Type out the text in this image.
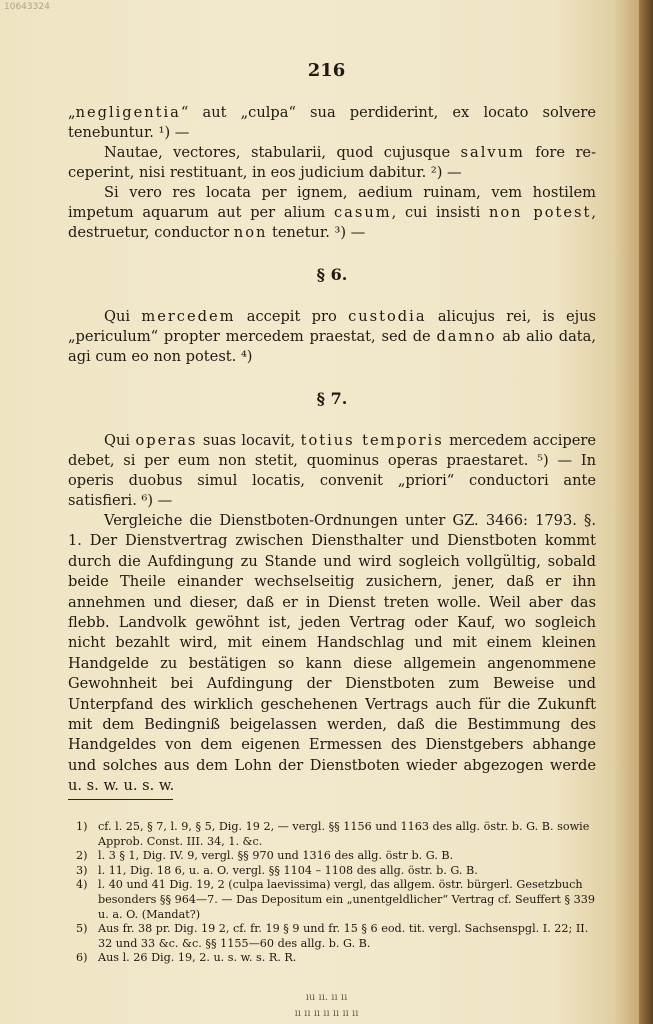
10643324
216

„negligentia“ aut „culpa“ sua perdiderint, ex locato solvere tenebuntur. ¹) —

Nautae, vectores, stabularii, quod cujusque salvum fore receperint, nisi restituant, in eos judicium dabitur. ²) —

Si vero res locata per ignem, aedium ruinam, vem hostilem impetum aquarum aut per alium casum, cui insisti non potest, destruetur, conductor non tenetur. ³) —

§ 6.

Qui mercedem accepit pro custodia alicujus rei, is ejus „periculum“ propter mercedem praestat, sed de damno ab alio data, agi cum eo non potest. ⁴)

§ 7.

Qui operas suas locavit, totius temporis mercedem accipere debet, si per eum non stetit, quominus operas praestaret. ⁵) — In operis duobus simul locatis, convenit „priori“ conductori ante satisfieri. ⁶) —

Vergleiche die Dienstboten-Ordnungen unter GZ. 3466: 1793. §. 1. Der Dienstvertrag zwischen Diensthalter und Dienstboten kommt durch die Aufdingung zu Stande und wird sogleich vollgültig, sobald beide Theile einander wechselseitig zusichern, jener, daß er ihn annehmen und dieser, daß er in Dienst treten wolle. Weil aber das flebb. Landvolk gewöhnt ist, jeden Vertrag oder Kauf, wo sogleich nicht bezahlt wird, mit einem Handschlag und mit einem kleinen Handgelde zu bestätigen so kann diese allgemein angenommene Gewohnheit bei Aufdingung der Dienstboten zum Beweise und Unterpfand des wirklich geschehenen Vertrags auch für die Zukunft mit dem Bedingniß beigelassen werden, daß die Bestimmung des Handgeldes von dem eigenen Ermessen des Dienstgebers abhange und solches aus dem Lohn der Dienstboten wieder abgezogen werde u. s. w. u. s. w.

1) cf. l. 25, § 7, l. 9, § 5, Dig. 19 2, — vergl. §§ 1156 und 1163 des allg. östr. b. G. B. sowie Approb. Const. III. 34, 1. &c.
2) l. 3 § 1, Dig. IV. 9, vergl. §§ 970 und 1316 des allg. östr b. G. B.
3) l. 11, Dig. 18 6, u. a. O. vergl. §§ 1104 – 1108 des allg. östr. b. G. B.
4) l. 40 und 41 Dig. 19, 2 (culpa laevissima) vergl, das allgem. östr. bürgerl. Gesetzbuch besonders §§ 964—7. — Das Depositum ein „unentgeldlicher“ Vertrag cf. Seuffert § 339 u. a. O. (Mandat?)
5) Aus fr. 38 pr. Dig. 19 2, cf. fr. 19 § 9 und fr. 15 § 6 eod. tit. vergl. Sachsenspgl. I. 22; II. 32 und 33 &c. &c. §§ 1155—60 des allg. b. G. B.
6) Aus l. 26 Dig. 19, 2. u. s. w. s. R. R.
ıu ıı. ıı ıı
ıı ıı ıı ıı ıı ıı ıı
